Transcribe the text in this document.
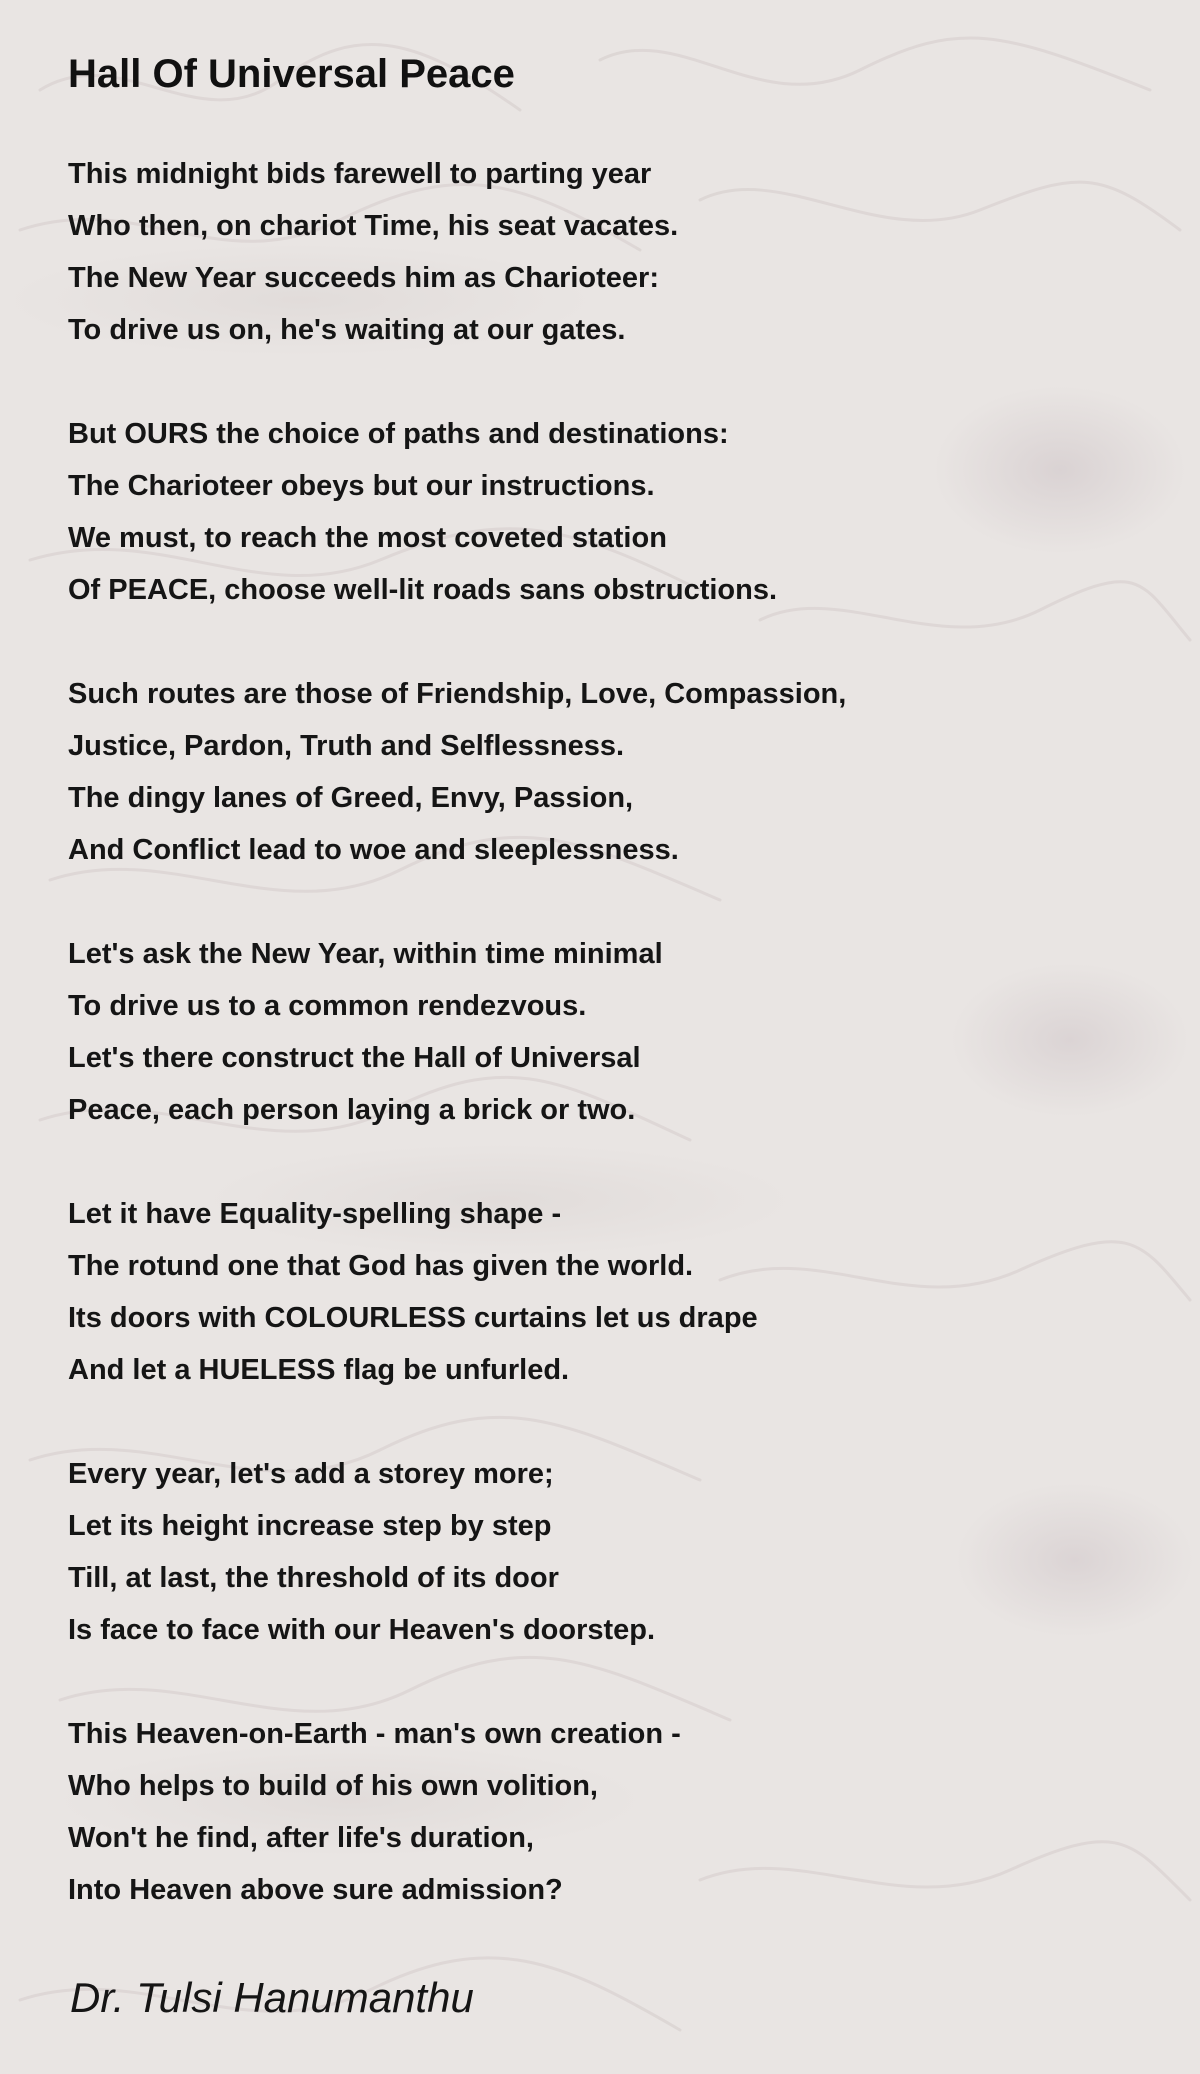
Hall Of Universal Peace
This midnight bids farewell to parting year
Who then, on chariot Time, his seat vacates.
The New Year succeeds him as Charioteer:
To drive us on, he's waiting at our gates.
But OURS the choice of paths and destinations:
The Charioteer obeys but our instructions.
We must, to reach the most coveted station
Of PEACE, choose well-lit roads sans obstructions.
Such routes are those of Friendship, Love, Compassion,
Justice, Pardon, Truth and Selflessness.
The dingy lanes of Greed, Envy, Passion,
And Conflict lead to woe and sleeplessness.
Let's ask the New Year, within time minimal
To drive us to a common rendezvous.
Let's there construct the Hall of Universal
Peace, each person laying a brick or two.
Let it have Equality-spelling shape -
The rotund one that God has given the world.
Its doors with COLOURLESS curtains let us drape
And let a HUELESS flag be unfurled.
Every year, let's add a storey more;
Let its height increase step by step
Till, at last, the threshold of its door
Is face to face with our Heaven's doorstep.
This Heaven-on-Earth - man's own creation -
Who helps to build of his own volition,
Won't he find, after life's duration,
Into Heaven above sure admission?
Dr. Tulsi Hanumanthu
